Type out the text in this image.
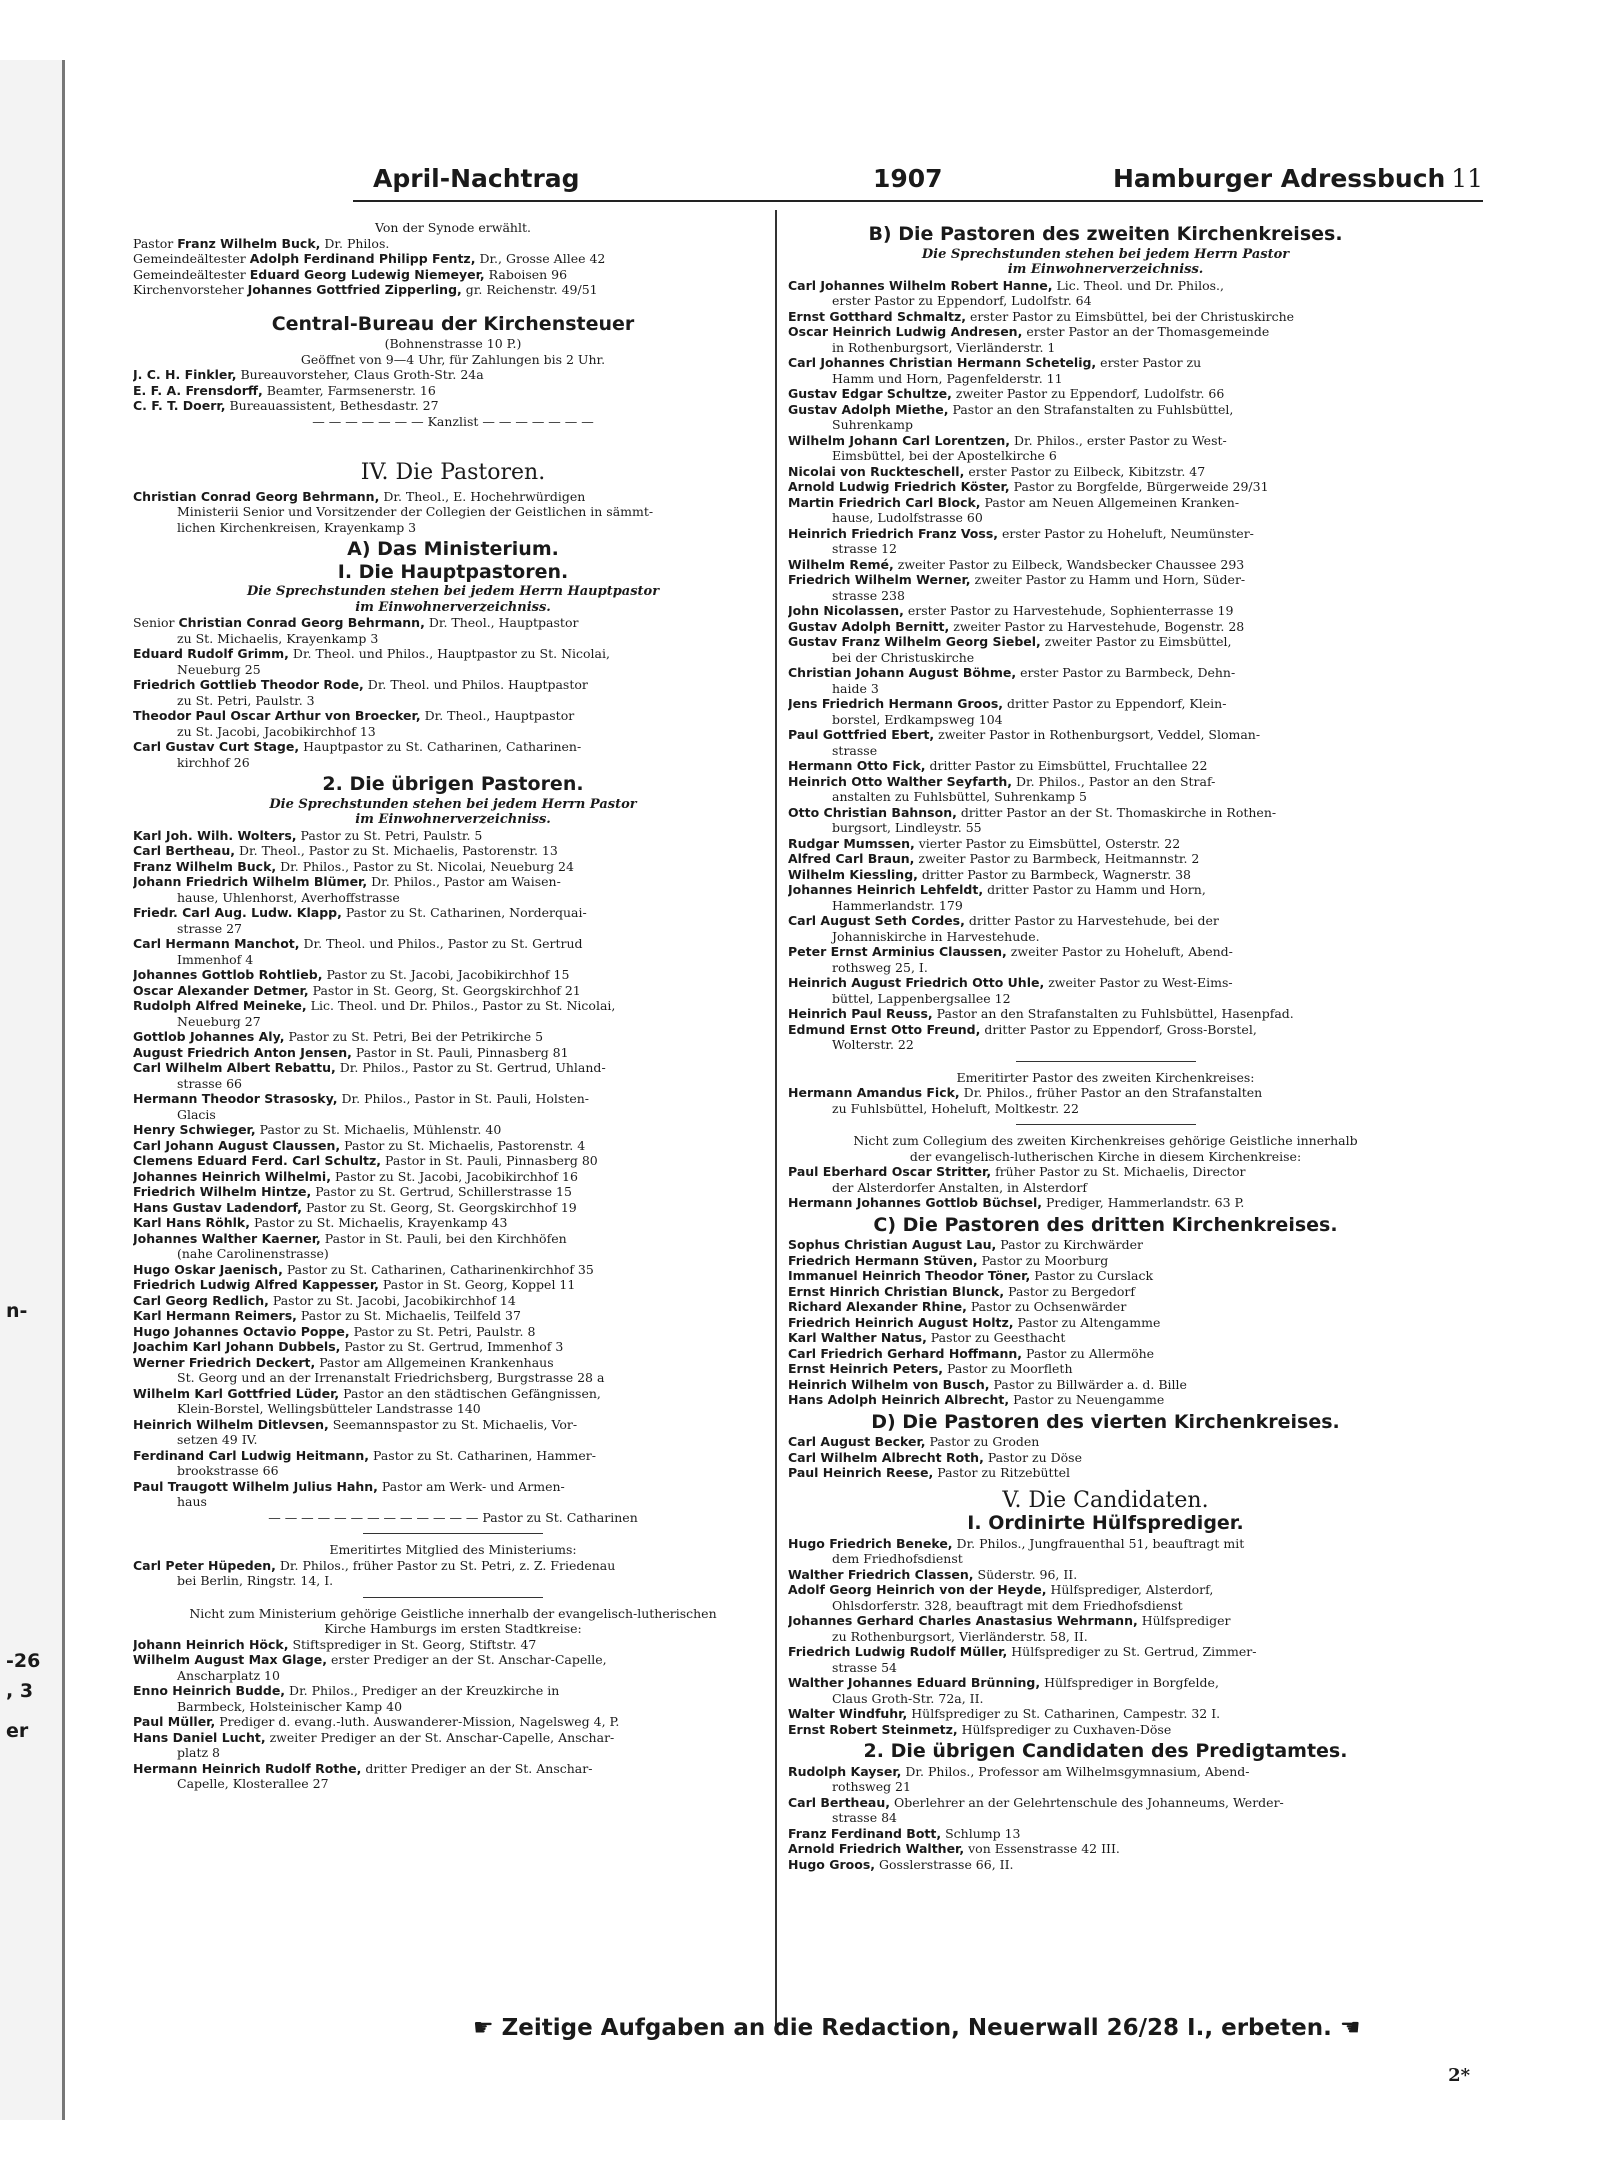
n-
-26
, 3
er
April-Nachtrag	1907	Hamburger Adressbuch 11
Von der Synode erwählt.
Pastor Franz Wilhelm Buck, Dr. Philos.
Gemeindeältester Adolph Ferdinand Philipp Fentz, Dr., Grosse Allee 42
Gemeindeältester Eduard Georg Ludewig Niemeyer, Raboisen 96
Kirchenvorsteher Johannes Gottfried Zipperling, gr. Reichenstr. 49/51
Central-Bureau der Kirchensteuer
(Bohnenstrasse 10 P.)
Geöffnet von 9—4 Uhr, für Zahlungen bis 2 Uhr.
J. C. H. Finkler, Bureauvorsteher, Claus Groth-Str. 24a
E. F. A. Frensdorff, Beamter, Farmsenerstr. 16
C. F. T. Doerr, Bureauassistent, Bethesdastr. 27
— — — — — — — Kanzlist — — — — — — —
IV. Die Pastoren.
Christian Conrad Georg Behrmann, Dr. Theol., E. Hochehrwürdigen
Ministerii Senior und Vorsitzender der Collegien der Geistlichen in sämmt-
lichen Kirchenkreisen, Krayenkamp 3
A) Das Ministerium.
I. Die Hauptpastoren.
Die Sprechstunden stehen bei jedem Herrn Hauptpastor
im Einwohnerverzeichniss.
Senior Christian Conrad Georg Behrmann, Dr. Theol., Hauptpastor
zu St. Michaelis, Krayenkamp 3
Eduard Rudolf Grimm, Dr. Theol. und Philos., Hauptpastor zu St. Nicolai,
Neueburg 25
Friedrich Gottlieb Theodor Rode, Dr. Theol. und Philos. Hauptpastor
zu St. Petri, Paulstr. 3
Theodor Paul Oscar Arthur von Broecker, Dr. Theol., Hauptpastor
zu St. Jacobi, Jacobikirchhof 13
Carl Gustav Curt Stage, Hauptpastor zu St. Catharinen, Catharinen-
kirchhof 26
2. Die übrigen Pastoren.
Die Sprechstunden stehen bei jedem Herrn Pastor
im Einwohnerverzeichniss.
Karl Joh. Wilh. Wolters, Pastor zu St. Petri, Paulstr. 5
Carl Bertheau, Dr. Theol., Pastor zu St. Michaelis, Pastorenstr. 13
Franz Wilhelm Buck, Dr. Philos., Pastor zu St. Nicolai, Neueburg 24
Johann Friedrich Wilhelm Blümer, Dr. Philos., Pastor am Waisen-
hause, Uhlenhorst, Averhoffstrasse
Friedr. Carl Aug. Ludw. Klapp, Pastor zu St. Catharinen, Norderquai-
strasse 27
Carl Hermann Manchot, Dr. Theol. und Philos., Pastor zu St. Gertrud
Immenhof 4
Johannes Gottlob Rohtlieb, Pastor zu St. Jacobi, Jacobikirchhof 15
Oscar Alexander Detmer, Pastor in St. Georg, St. Georgskirchhof 21
Rudolph Alfred Meineke, Lic. Theol. und Dr. Philos., Pastor zu St. Nicolai,
Neueburg 27
Gottlob Johannes Aly, Pastor zu St. Petri, Bei der Petrikirche 5
August Friedrich Anton Jensen, Pastor in St. Pauli, Pinnasberg 81
Carl Wilhelm Albert Rebattu, Dr. Philos., Pastor zu St. Gertrud, Uhland-
strasse 66
Hermann Theodor Strasosky, Dr. Philos., Pastor in St. Pauli, Holsten-
Glacis
Henry Schwieger, Pastor zu St. Michaelis, Mühlenstr. 40
Carl Johann August Claussen, Pastor zu St. Michaelis, Pastorenstr. 4
Clemens Eduard Ferd. Carl Schultz, Pastor in St. Pauli, Pinnasberg 80
Johannes Heinrich Wilhelmi, Pastor zu St. Jacobi, Jacobikirchhof 16
Friedrich Wilhelm Hintze, Pastor zu St. Gertrud, Schillerstrasse 15
Hans Gustav Ladendorf, Pastor zu St. Georg, St. Georgskirchhof 19
Karl Hans Röhlk, Pastor zu St. Michaelis, Krayenkamp 43
Johannes Walther Kaerner, Pastor in St. Pauli, bei den Kirchhöfen
(nahe Carolinenstrasse)
Hugo Oskar Jaenisch, Pastor zu St. Catharinen, Catharinenkirchhof 35
Friedrich Ludwig Alfred Kappesser, Pastor in St. Georg, Koppel 11
Carl Georg Redlich, Pastor zu St. Jacobi, Jacobikirchhof 14
Karl Hermann Reimers, Pastor zu St. Michaelis, Teilfeld 37
Hugo Johannes Octavio Poppe, Pastor zu St. Petri, Paulstr. 8
Joachim Karl Johann Dubbels, Pastor zu St. Gertrud, Immenhof 3
Werner Friedrich Deckert, Pastor am Allgemeinen Krankenhaus
St. Georg und an der Irrenanstalt Friedrichsberg, Burgstrasse 28 a
Wilhelm Karl Gottfried Lüder, Pastor an den städtischen Gefängnissen,
Klein-Borstel, Wellingsbütteler Landstrasse 140
Heinrich Wilhelm Ditlevsen, Seemannspastor zu St. Michaelis, Vor-
setzen 49 IV.
Ferdinand Carl Ludwig Heitmann, Pastor zu St. Catharinen, Hammer-
brookstrasse 66
Paul Traugott Wilhelm Julius Hahn, Pastor am Werk- und Armen-
haus
— — — — — — — — — — — — — Pastor zu St. Catharinen
Emeritirtes Mitglied des Ministeriums:
Carl Peter Hüpeden, Dr. Philos., früher Pastor zu St. Petri, z. Z. Friedenau
bei Berlin, Ringstr. 14, I.
Nicht zum Ministerium gehörige Geistliche innerhalb der evangelisch-lutherischen
Kirche Hamburgs im ersten Stadtkreise:
Johann Heinrich Höck, Stiftsprediger in St. Georg, Stiftstr. 47
Wilhelm August Max Glage, erster Prediger an der St. Anschar-Capelle,
Anscharplatz 10
Enno Heinrich Budde, Dr. Philos., Prediger an der Kreuzkirche in
Barmbeck, Holsteinischer Kamp 40
Paul Müller, Prediger d. evang.-luth. Auswanderer-Mission, Nagelsweg 4, P.
Hans Daniel Lucht, zweiter Prediger an der St. Anschar-Capelle, Anschar-
platz 8
Hermann Heinrich Rudolf Rothe, dritter Prediger an der St. Anschar-
Capelle, Klosterallee 27
B) Die Pastoren des zweiten Kirchenkreises.
Die Sprechstunden stehen bei jedem Herrn Pastor
im Einwohnerverzeichniss.
Carl Johannes Wilhelm Robert Hanne, Lic. Theol. und Dr. Philos.,
erster Pastor zu Eppendorf, Ludolfstr. 64
Ernst Gotthard Schmaltz, erster Pastor zu Eimsbüttel, bei der Christuskirche
Oscar Heinrich Ludwig Andresen, erster Pastor an der Thomasgemeinde
in Rothenburgsort, Vierländerstr. 1
Carl Johannes Christian Hermann Schetelig, erster Pastor zu
Hamm und Horn, Pagenfelderstr. 11
Gustav Edgar Schultze, zweiter Pastor zu Eppendorf, Ludolfstr. 66
Gustav Adolph Miethe, Pastor an den Strafanstalten zu Fuhlsbüttel,
Suhrenkamp
Wilhelm Johann Carl Lorentzen, Dr. Philos., erster Pastor zu West-
Eimsbüttel, bei der Apostelkirche 6
Nicolai von Ruckteschell, erster Pastor zu Eilbeck, Kibitzstr. 47
Arnold Ludwig Friedrich Köster, Pastor zu Borgfelde, Bürgerweide 29/31
Martin Friedrich Carl Block, Pastor am Neuen Allgemeinen Kranken-
hause, Ludolfstrasse 60
Heinrich Friedrich Franz Voss, erster Pastor zu Hoheluft, Neumünster-
strasse 12
Wilhelm Remé, zweiter Pastor zu Eilbeck, Wandsbecker Chaussee 293
Friedrich Wilhelm Werner, zweiter Pastor zu Hamm und Horn, Süder-
strasse 238
John Nicolassen, erster Pastor zu Harvestehude, Sophienterrasse 19
Gustav Adolph Bernitt, zweiter Pastor zu Harvestehude, Bogenstr. 28
Gustav Franz Wilhelm Georg Siebel, zweiter Pastor zu Eimsbüttel,
bei der Christuskirche
Christian Johann August Böhme, erster Pastor zu Barmbeck, Dehn-
haide 3
Jens Friedrich Hermann Groos, dritter Pastor zu Eppendorf, Klein-
borstel, Erdkampsweg 104
Paul Gottfried Ebert, zweiter Pastor in Rothenburgsort, Veddel, Sloman-
strasse
Hermann Otto Fick, dritter Pastor zu Eimsbüttel, Fruchtallee 22
Heinrich Otto Walther Seyfarth, Dr. Philos., Pastor an den Straf-
anstalten zu Fuhlsbüttel, Suhrenkamp 5
Otto Christian Bahnson, dritter Pastor an der St. Thomaskirche in Rothen-
burgsort, Lindleystr. 55
Rudgar Mumssen, vierter Pastor zu Eimsbüttel, Osterstr. 22
Alfred Carl Braun, zweiter Pastor zu Barmbeck, Heitmannstr. 2
Wilhelm Kiessling, dritter Pastor zu Barmbeck, Wagnerstr. 38
Johannes Heinrich Lehfeldt, dritter Pastor zu Hamm und Horn,
Hammerlandstr. 179
Carl August Seth Cordes, dritter Pastor zu Harvestehude, bei der
Johanniskirche in Harvestehude.
Peter Ernst Arminius Claussen, zweiter Pastor zu Hoheluft, Abend-
rothsweg 25, I.
Heinrich August Friedrich Otto Uhle, zweiter Pastor zu West-Eims-
büttel, Lappenbergsallee 12
Heinrich Paul Reuss, Pastor an den Strafanstalten zu Fuhlsbüttel, Hasenpfad.
Edmund Ernst Otto Freund, dritter Pastor zu Eppendorf, Gross-Borstel,
Wolterstr. 22
Emeritirter Pastor des zweiten Kirchenkreises:
Hermann Amandus Fick, Dr. Philos., früher Pastor an den Strafanstalten
zu Fuhlsbüttel, Hoheluft, Moltkestr. 22
Nicht zum Collegium des zweiten Kirchenkreises gehörige Geistliche innerhalb
der evangelisch-lutherischen Kirche in diesem Kirchenkreise:
Paul Eberhard Oscar Stritter, früher Pastor zu St. Michaelis, Director
der Alsterdorfer Anstalten, in Alsterdorf
Hermann Johannes Gottlob Büchsel, Prediger, Hammerlandstr. 63 P.
C) Die Pastoren des dritten Kirchenkreises.
Sophus Christian August Lau, Pastor zu Kirchwärder
Friedrich Hermann Stüven, Pastor zu Moorburg
Immanuel Heinrich Theodor Töner, Pastor zu Curslack
Ernst Hinrich Christian Blunck, Pastor zu Bergedorf
Richard Alexander Rhine, Pastor zu Ochsenwärder
Friedrich Heinrich August Holtz, Pastor zu Altengamme
Karl Walther Natus, Pastor zu Geesthacht
Carl Friedrich Gerhard Hoffmann, Pastor zu Allermöhe
Ernst Heinrich Peters, Pastor zu Moorfleth
Heinrich Wilhelm von Busch, Pastor zu Billwärder a. d. Bille
Hans Adolph Heinrich Albrecht, Pastor zu Neuengamme
D) Die Pastoren des vierten Kirchenkreises.
Carl August Becker, Pastor zu Groden
Carl Wilhelm Albrecht Roth, Pastor zu Döse
Paul Heinrich Reese, Pastor zu Ritzebüttel
V. Die Candidaten.
I. Ordinirte Hülfsprediger.
Hugo Friedrich Beneke, Dr. Philos., Jungfrauenthal 51, beauftragt mit
dem Friedhofsdienst
Walther Friedrich Classen, Süderstr. 96, II.
Adolf Georg Heinrich von der Heyde, Hülfsprediger, Alsterdorf,
Ohlsdorferstr. 328, beauftragt mit dem Friedhofsdienst
Johannes Gerhard Charles Anastasius Wehrmann, Hülfsprediger
zu Rothenburgsort, Vierländerstr. 58, II.
Friedrich Ludwig Rudolf Müller, Hülfsprediger zu St. Gertrud, Zimmer-
strasse 54
Walther Johannes Eduard Brünning, Hülfsprediger in Borgfelde,
Claus Groth-Str. 72a, II.
Walter Windfuhr, Hülfsprediger zu St. Catharinen, Campestr. 32 I.
Ernst Robert Steinmetz, Hülfsprediger zu Cuxhaven-Döse
2. Die übrigen Candidaten des Predigtamtes.
Rudolph Kayser, Dr. Philos., Professor am Wilhelmsgymnasium, Abend-
rothsweg 21
Carl Bertheau, Oberlehrer an der Gelehrtenschule des Johanneums, Werder-
strasse 84
Franz Ferdinand Bott, Schlump 13
Arnold Friedrich Walther, von Essenstrasse 42 III.
Hugo Groos, Gosslerstrasse 66, II.
☛ Zeitige Aufgaben an die Redaction, Neuerwall 26/28 I., erbeten. ☚
2*
